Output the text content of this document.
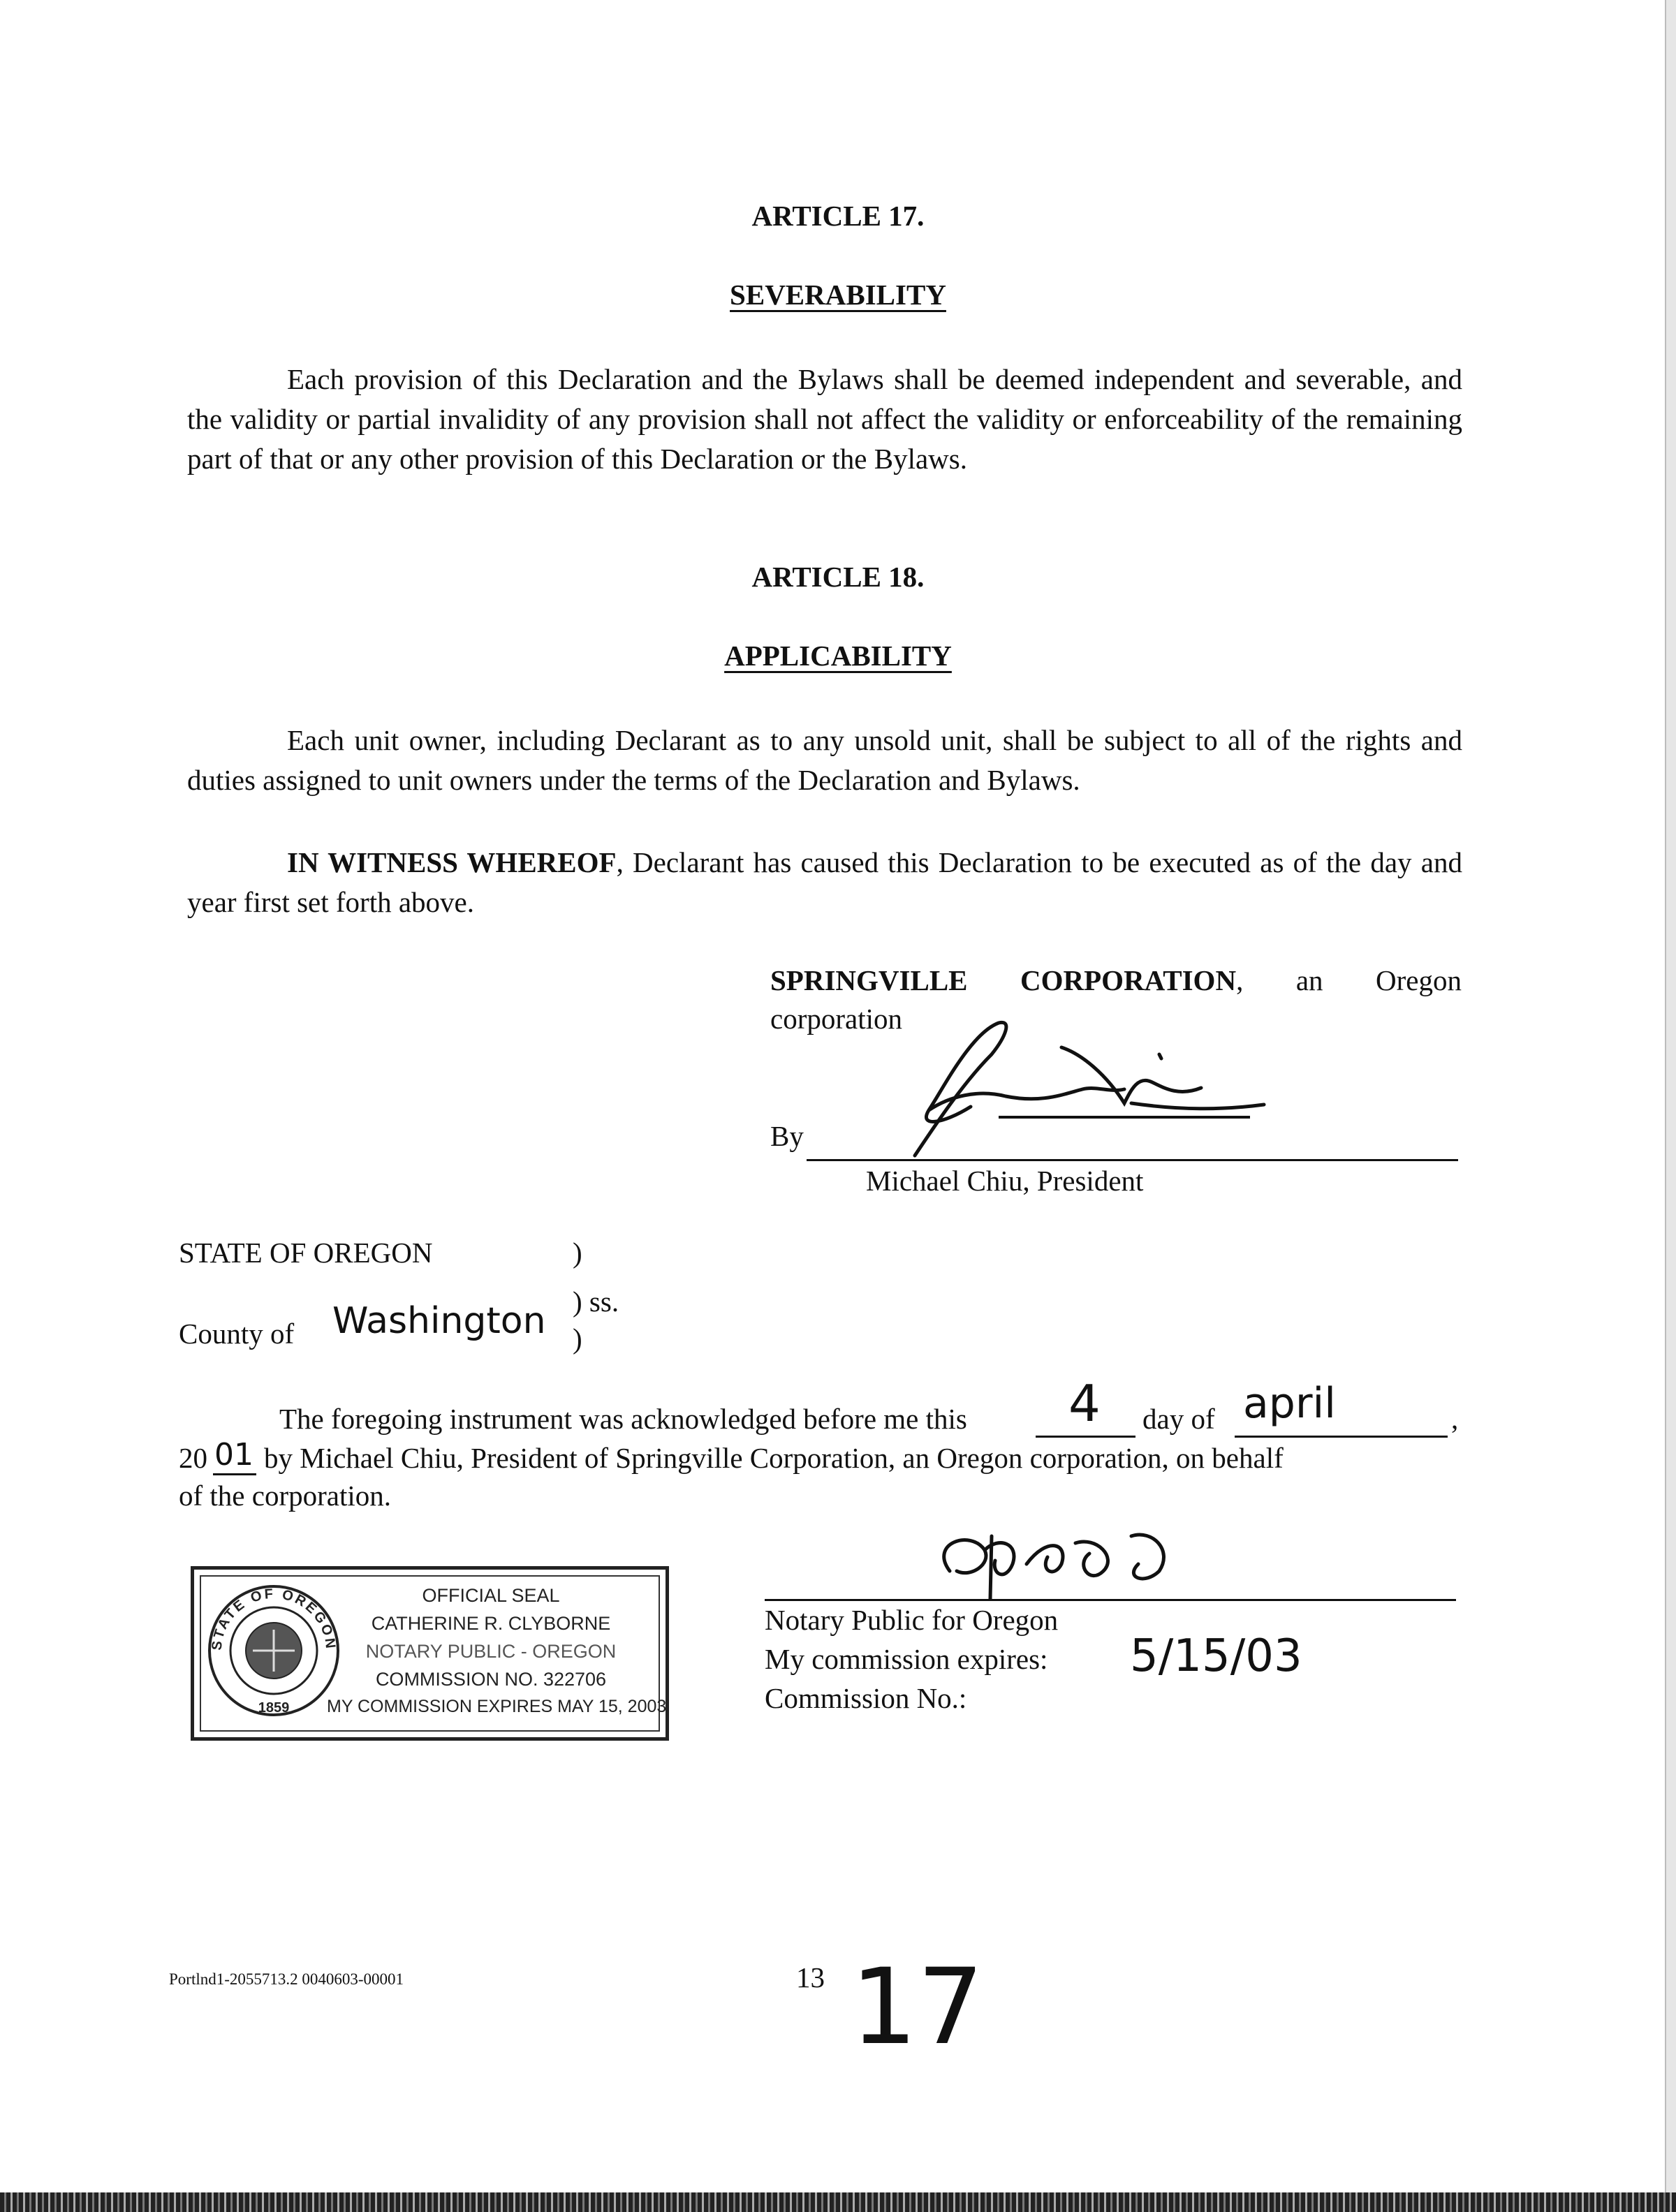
ARTICLE 17.
SEVERABILITY
Each provision of this Declaration and the Bylaws shall be deemed independent and severable, and the validity or partial invalidity of any provision shall not affect the validity or enforceability of the remaining part of that or any other provision of this Declaration or the Bylaws.
ARTICLE 18.
APPLICABILITY
Each unit owner, including Declarant as to any unsold unit, shall be subject to all of the rights and duties assigned to unit owners under the terms of the Declaration and Bylaws.
IN WITNESS WHEREOF, Declarant has caused this Declaration to be executed as of the day and year first set forth above.
SPRINGVILLE CORPORATION, an Oregon
corporation
By
Michael Chiu, President
STATE OF OREGON	)
) ss.
County of Washington )
The foregoing instrument was acknowledged before me this 4 day of april	,
20 01 by Michael Chiu, President of Springville Corporation, an Oregon corporation, on behalf
of the corporation.
STATE OF OREGON
1859
OFFICIAL SEAL
CATHERINE R. CLYBORNE
NOTARY PUBLIC - OREGON
COMMISSION NO. 322706
MY COMMISSION EXPIRES MAY 15, 2003
Notary Public for Oregon
My commission expires: 5/15/03
Commission No.:
Portlnd1-2055713.2 0040603-00001	13 17
